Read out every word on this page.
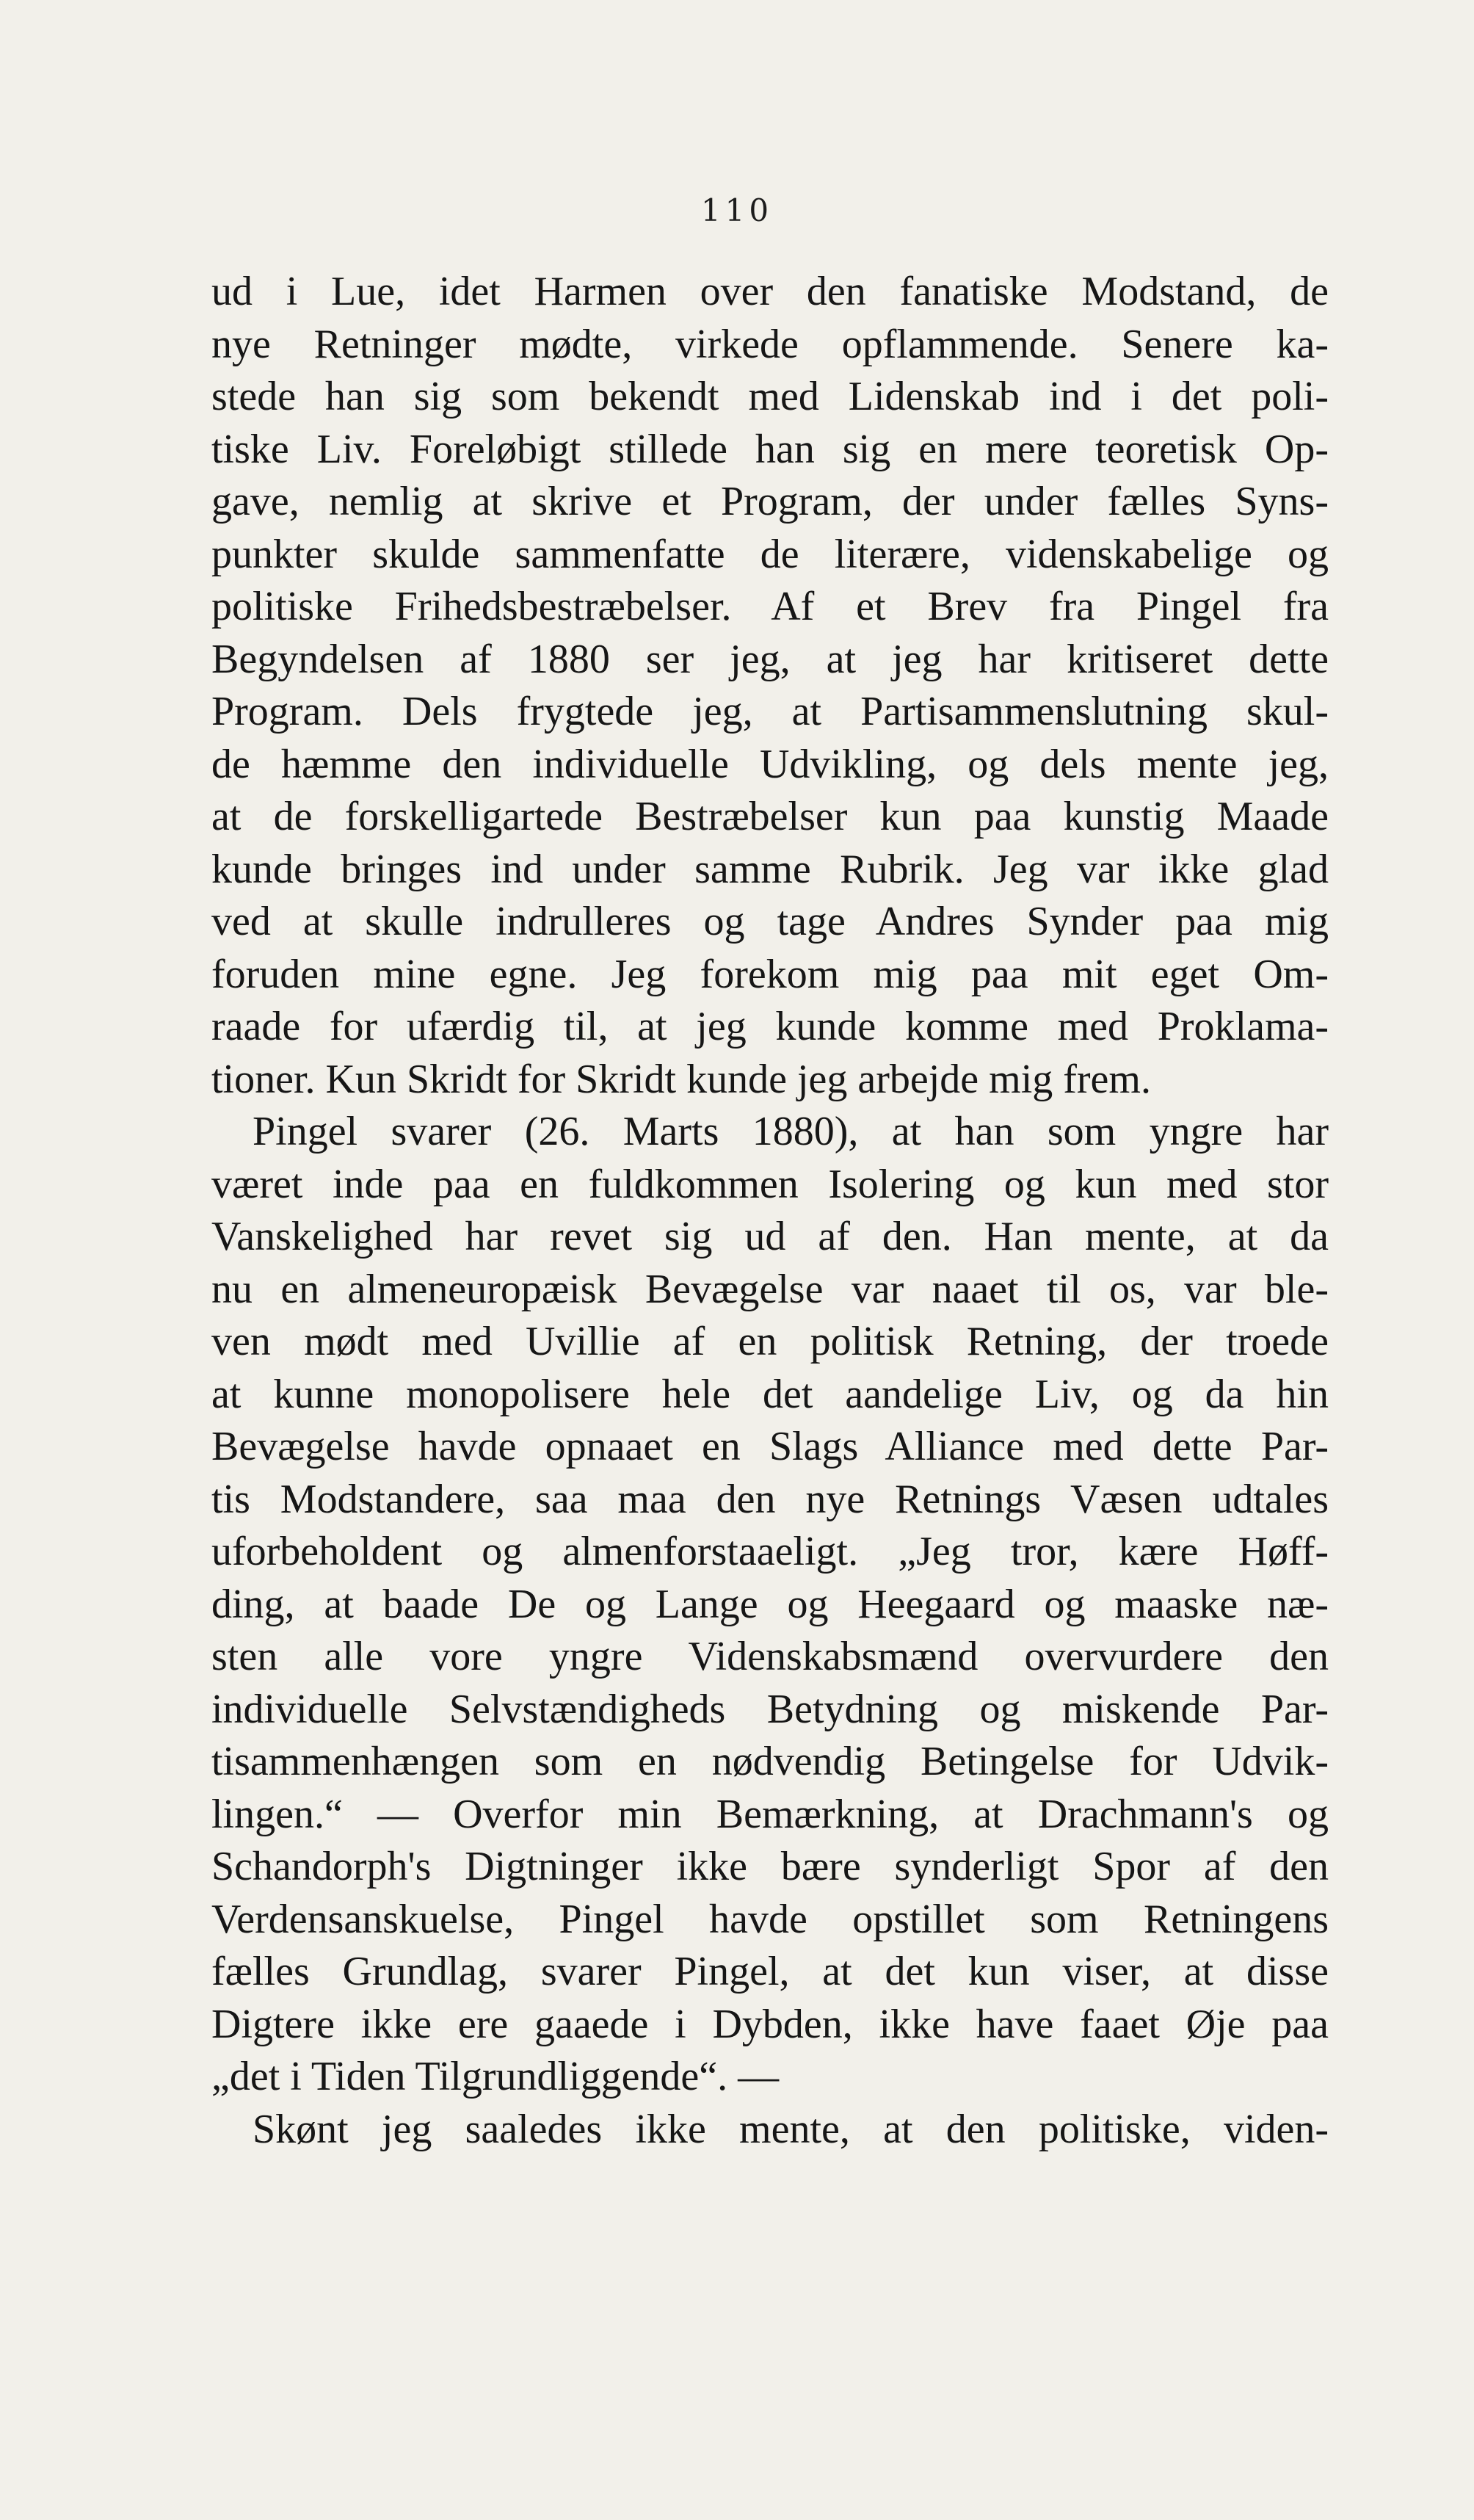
110
ud i Lue, idet Harmen over den fanatiske Modstand, de
nye Retninger mødte, virkede opflammende. Senere ka-
stede han sig som bekendt med Lidenskab ind i det poli-
tiske Liv. Foreløbigt stillede han sig en mere teoretisk Op-
gave, nemlig at skrive et Program, der under fælles Syns-
punkter skulde sammenfatte de literære, videnskabelige og
politiske Frihedsbestræbelser. Af et Brev fra Pingel fra
Begyndelsen af 1880 ser jeg, at jeg har kritiseret dette
Program. Dels frygtede jeg, at Partisammenslutning skul-
de hæmme den individuelle Udvikling, og dels mente jeg,
at de forskelligartede Bestræbelser kun paa kunstig Maade
kunde bringes ind under samme Rubrik. Jeg var ikke glad
ved at skulle indrulleres og tage Andres Synder paa mig
foruden mine egne. Jeg forekom mig paa mit eget Om-
raade for ufærdig til, at jeg kunde komme med Proklama-
tioner. Kun Skridt for Skridt kunde jeg arbejde mig frem.
Pingel svarer (26. Marts 1880), at han som yngre har
været inde paa en fuldkommen Isolering og kun med stor
Vanskelighed har revet sig ud af den. Han mente, at da
nu en almeneuropæisk Bevægelse var naaet til os, var ble-
ven mødt med Uvillie af en politisk Retning, der troede
at kunne monopolisere hele det aandelige Liv, og da hin
Bevægelse havde opnaaet en Slags Alliance med dette Par-
tis Modstandere, saa maa den nye Retnings Væsen udtales
uforbeholdent og almenforstaaeligt. „Jeg tror, kære Høff-
ding, at baade De og Lange og Heegaard og maaske næ-
sten alle vore yngre Videnskabsmænd overvurdere den
individuelle Selvstændigheds Betydning og miskende Par-
tisammenhængen som en nødvendig Betingelse for Udvik-
lingen.“ — Overfor min Bemærkning, at Drachmann's og
Schandorph's Digtninger ikke bære synderligt Spor af den
Verdensanskuelse, Pingel havde opstillet som Retningens
fælles Grundlag, svarer Pingel, at det kun viser, at disse
Digtere ikke ere gaaede i Dybden, ikke have faaet Øje paa
„det i Tiden Tilgrundliggende“. —
Skønt jeg saaledes ikke mente, at den politiske, viden-
